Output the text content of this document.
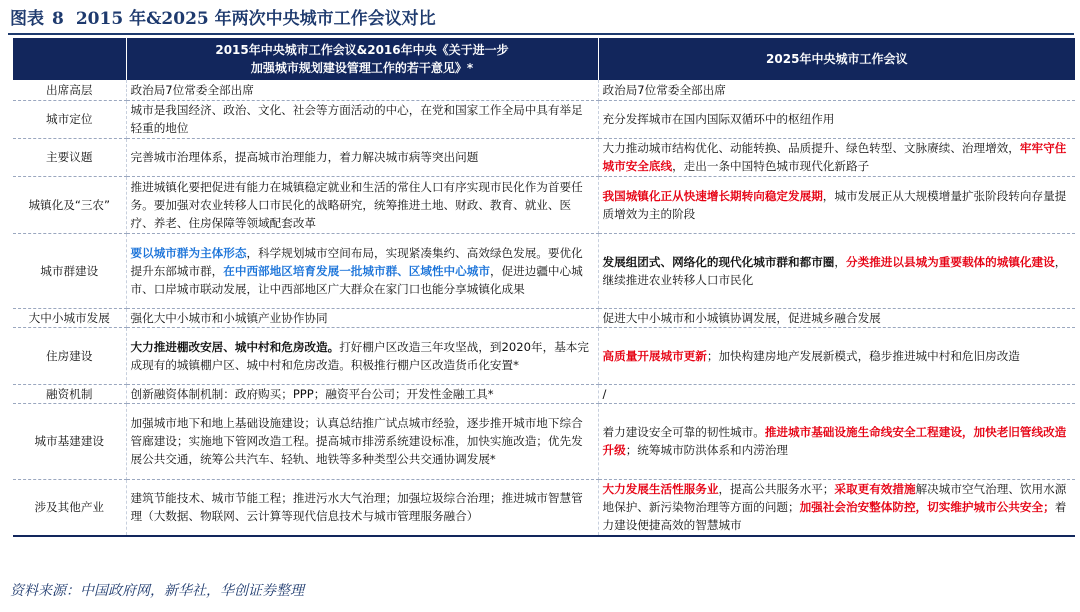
图表 8 2015 年&2025 年两次中央城市工作会议对比
	2015年中央城市工作会议&2016年中央《关于进一步
加强城市规划建设管理工作的若干意见》*	2025年中央城市工作会议
出席高层	政治局7位常委全部出席	政治局7位常委全部出席
城市定位	城市是我国经济、政治、文化、社会等方面活动的中心，在党和国家工作全局中具有举足轻重的地位	充分发挥城市在国内国际双循环中的枢纽作用
主要议题	完善城市治理体系，提高城市治理能力，着力解决城市病等突出问题	大力推动城市结构优化、动能转换、品质提升、绿色转型、文脉赓续、治理增效，牢牢守住城市安全底线，走出一条中国特色城市现代化新路子
城镇化及“三农”	推进城镇化要把促进有能力在城镇稳定就业和生活的常住人口有序实现市民化作为首要任务。要加强对农业转移人口市民化的战略研究，统筹推进土地、财政、教育、就业、医疗、养老、住房保障等领域配套改革	我国城镇化正从快速增长期转向稳定发展期，城市发展正从大规模增量扩张阶段转向存量提质增效为主的阶段
城市群建设	要以城市群为主体形态，科学规划城市空间布局，实现紧凑集约、高效绿色发展。要优化提升东部城市群，在中西部地区培育发展一批城市群、区域性中心城市，促进边疆中心城市、口岸城市联动发展，让中西部地区广大群众在家门口也能分享城镇化成果	发展组团式、网络化的现代化城市群和都市圈，分类推进以县城为重要载体的城镇化建设，继续推进农业转移人口市民化
大中小城市发展	强化大中小城市和小城镇产业协作协同	促进大中小城市和小城镇协调发展，促进城乡融合发展
住房建设	大力推进棚改安居、城中村和危房改造。打好棚户区改造三年攻坚战，到2020年，基本完成现有的城镇棚户区、城中村和危房改造。积极推行棚户区改造货币化安置*	高质量开展城市更新；加快构建房地产发展新模式，稳步推进城中村和危旧房改造
融资机制	创新融资体制机制：政府购买；PPP；融资平台公司；开发性金融工具*	/
城市基建建设	加强城市地下和地上基础设施建设；认真总结推广试点城市经验，逐步推开城市地下综合管廊建设；实施地下管网改造工程。提高城市排涝系统建设标准，加快实施改造；优先发展公共交通，统筹公共汽车、轻轨、地铁等多种类型公共交通协调发展*	着力建设安全可靠的韧性城市。推进城市基础设施生命线安全工程建设，加快老旧管线改造升级；统筹城市防洪体系和内涝治理
涉及其他产业	建筑节能技术、城市节能工程；推进污水大气治理；加强垃圾综合治理；推进城市智慧管理（大数据、物联网、云计算等现代信息技术与城市管理服务融合）	大力发展生活性服务业，提高公共服务水平；采取更有效措施解决城市空气治理、饮用水源地保护、新污染物治理等方面的问题；加强社会治安整体防控，切实维护城市公共安全；着力建设便捷高效的智慧城市
资料来源：中国政府网，新华社，华创证券整理
